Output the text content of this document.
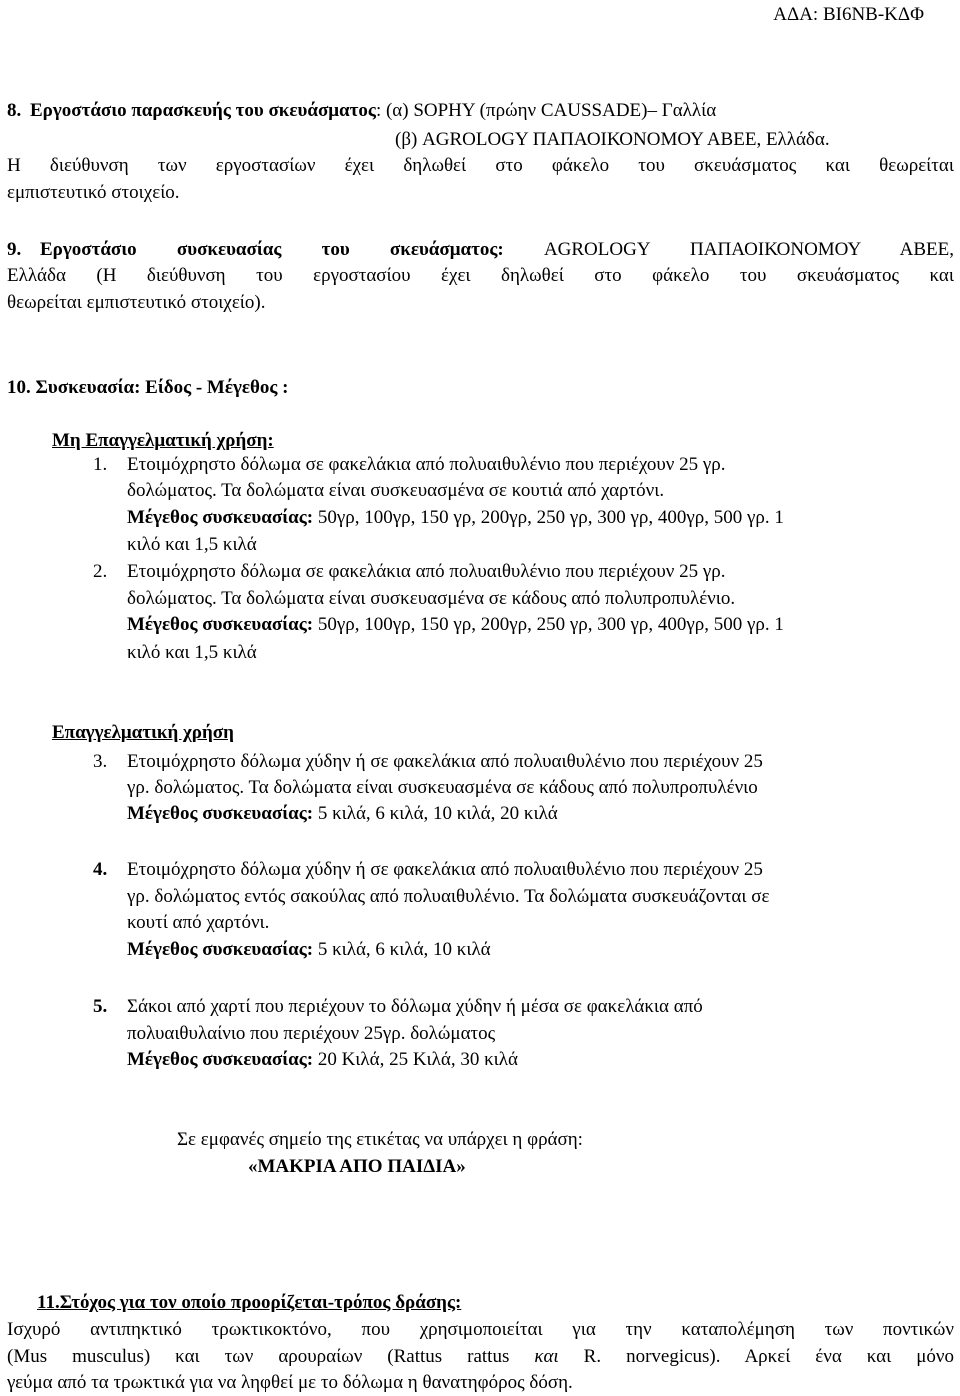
ΑΔΑ: ΒΙ6ΝΒ-ΚΔΦ
8. Εργοστάσιο παρασκευής του σκευάσματος: (α) SOPHY (πρώην CAUSSADE)– Γαλλία
(β) AGROLOGY ΠΑΠΑΟΙΚΟΝΟΜΟΥ ΑΒΕΕ, Ελλάδα.
Η διεύθυνση των εργοστασίων έχει δηλωθεί στο φάκελο του σκευάσματος και θεωρείται
εμπιστευτικό στοιχείο.
9. Εργοστάσιο συσκευασίας του σκευάσματος: AGROLOGY ΠΑΠΑΟΙΚΟΝΟΜΟΥ ΑΒΕΕ,
Ελλάδα (Η διεύθυνση του εργοστασίου έχει δηλωθεί στο φάκελο του σκευάσματος και
θεωρείται εμπιστευτικό στοιχείο).
10. Συσκευασία: Είδος - Μέγεθος :
Μη Επαγγελματική χρήση:
1. Ετοιμόχρηστο δόλωμα σε φακελάκια από πολυαιθυλένιο που περιέχουν 25 γρ.
δολώματος. Τα δολώματα είναι συσκευασμένα σε κουτιά από χαρτόνι.
Μέγεθος συσκευασίας: 50γρ, 100γρ, 150 γρ, 200γρ, 250 γρ, 300 γρ, 400γρ, 500 γρ. 1
κιλό και 1,5 κιλά
2. Ετοιμόχρηστο δόλωμα σε φακελάκια από πολυαιθυλένιο που περιέχουν 25 γρ.
δολώματος. Τα δολώματα είναι συσκευασμένα σε κάδους από πολυπροπυλένιο.
Μέγεθος συσκευασίας: 50γρ, 100γρ, 150 γρ, 200γρ, 250 γρ, 300 γρ, 400γρ, 500 γρ. 1
κιλό και 1,5 κιλά
Επαγγελματική χρήση
3. Ετοιμόχρηστο δόλωμα χύδην ή σε φακελάκια από πολυαιθυλένιο που περιέχουν 25
γρ. δολώματος. Τα δολώματα είναι συσκευασμένα σε κάδους από πολυπροπυλένιο
Μέγεθος συσκευασίας: 5 κιλά, 6 κιλά, 10 κιλά, 20 κιλά
4. Ετοιμόχρηστο δόλωμα χύδην ή σε φακελάκια από πολυαιθυλένιο που περιέχουν 25
γρ. δολώματος εντός σακούλας από πολυαιθυλένιο. Τα δολώματα συσκευάζονται σε
κουτί από χαρτόνι.
Μέγεθος συσκευασίας: 5 κιλά, 6 κιλά, 10 κιλά
5. Σάκοι από χαρτί που περιέχουν το δόλωμα χύδην ή μέσα σε φακελάκια από
πολυαιθυλαίνιο που περιέχουν 25γρ. δολώματος
Μέγεθος συσκευασίας: 20 Κιλά, 25 Κιλά, 30 κιλά
Σε εμφανές σημείο της ετικέτας να υπάρχει η φράση:
«ΜΑΚΡΙΑ ΑΠΟ ΠΑΙΔΙΑ»
11.Στόχος για τον οποίο προορίζεται-τρόπος δράσης:
Ισχυρό αντιπηκτικό τρωκτικοκτόνο, που χρησιμοποιείται για την καταπολέμηση των ποντικών
(Mus musculus) και των αρουραίων (Rattus rattus και R. norvegicus). Αρκεί ένα και μόνο
γεύμα από τα τρωκτικά για να ληφθεί με το δόλωμα η θανατηφόρος δόση.
